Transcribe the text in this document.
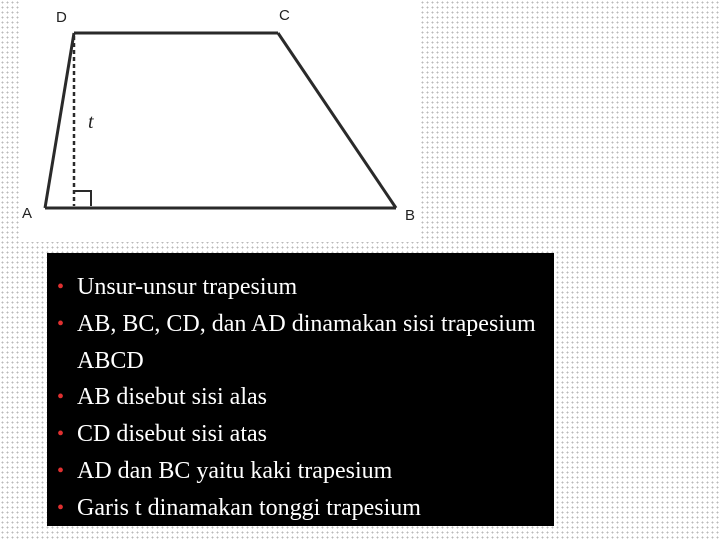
D	C
A	B
t
• Unsur-unsur trapesium
• AB, BC, CD, dan AD dinamakan sisi trapesium ABCD
• AB disebut sisi alas
• CD disebut sisi atas
• AD dan BC yaitu kaki trapesium
• Garis t dinamakan tonggi trapesium
